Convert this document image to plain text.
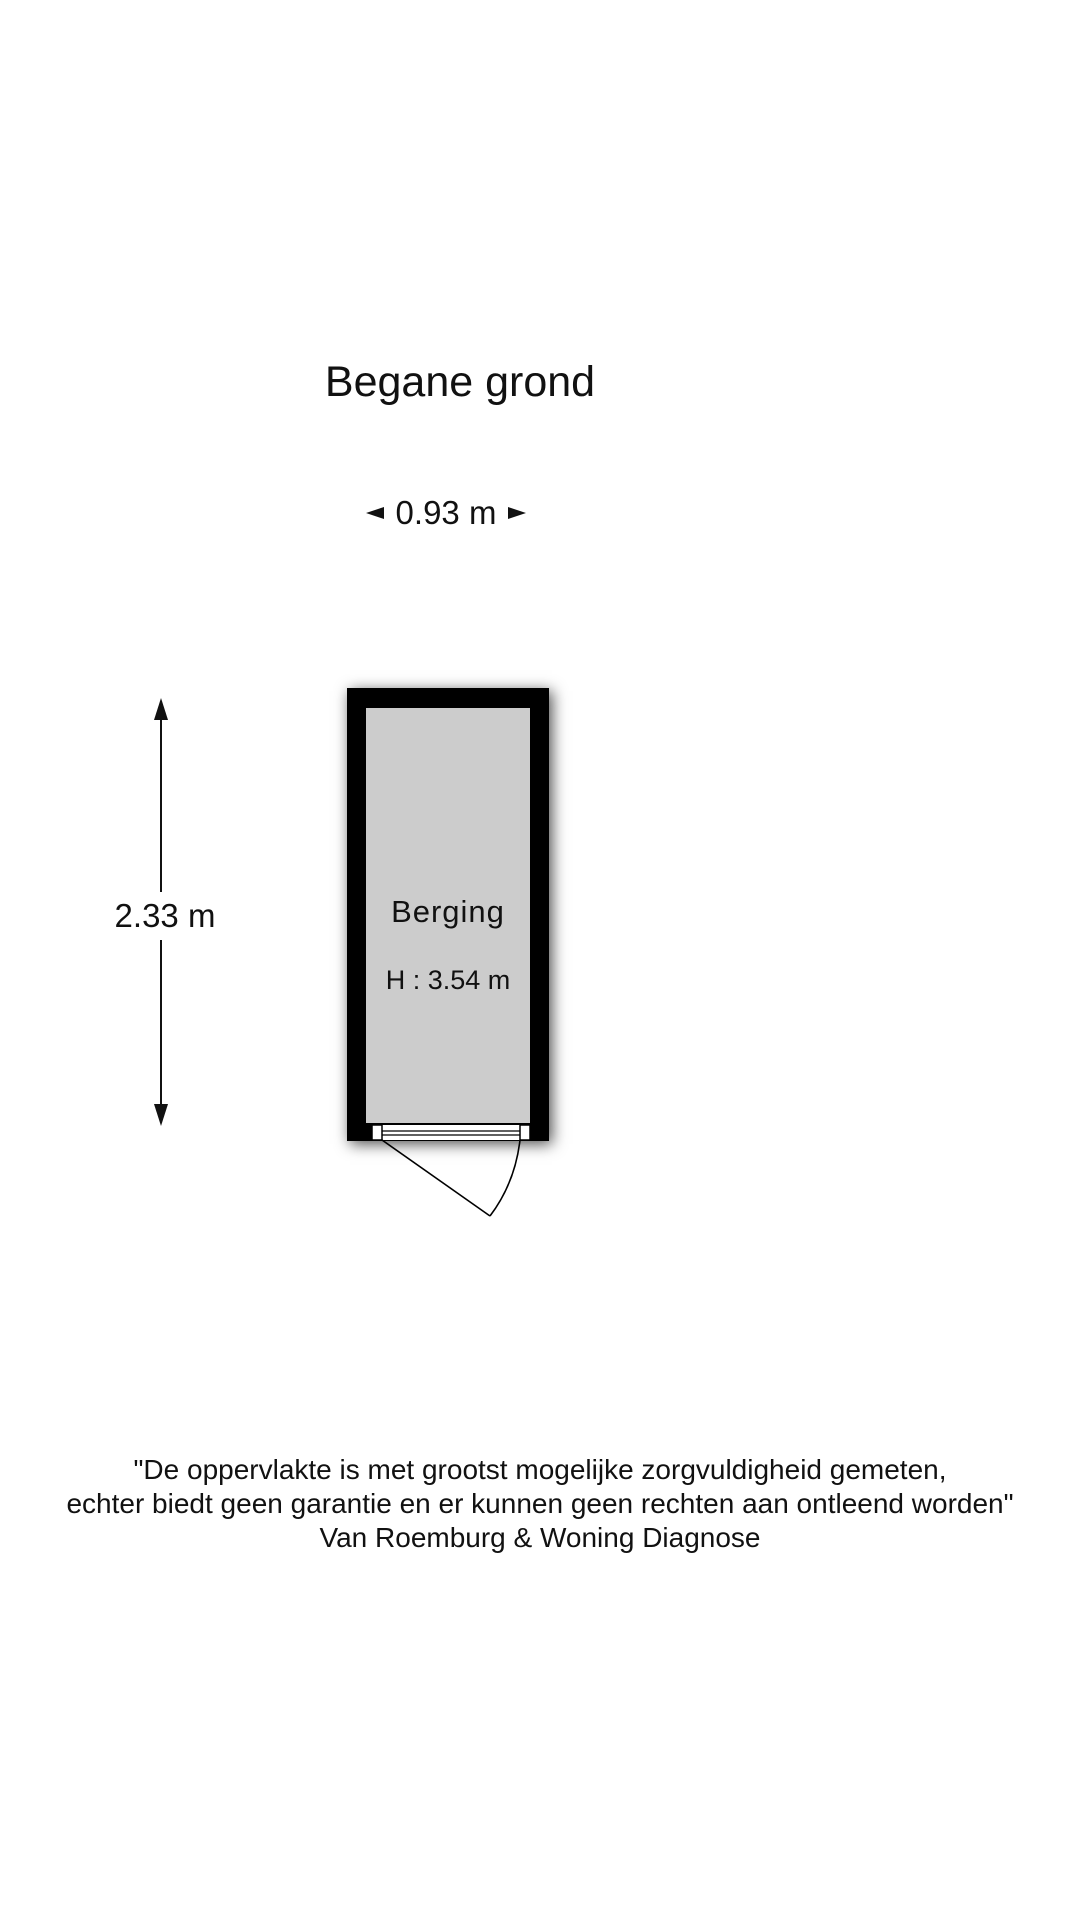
Begane grond
0.93 m
2.33 m	Berging
H : 3.54 m
"De oppervlakte is met grootst mogelijke zorgvuldigheid gemeten,
echter biedt geen garantie en er kunnen geen rechten aan ontleend worden"
Van Roemburg & Woning Diagnose
